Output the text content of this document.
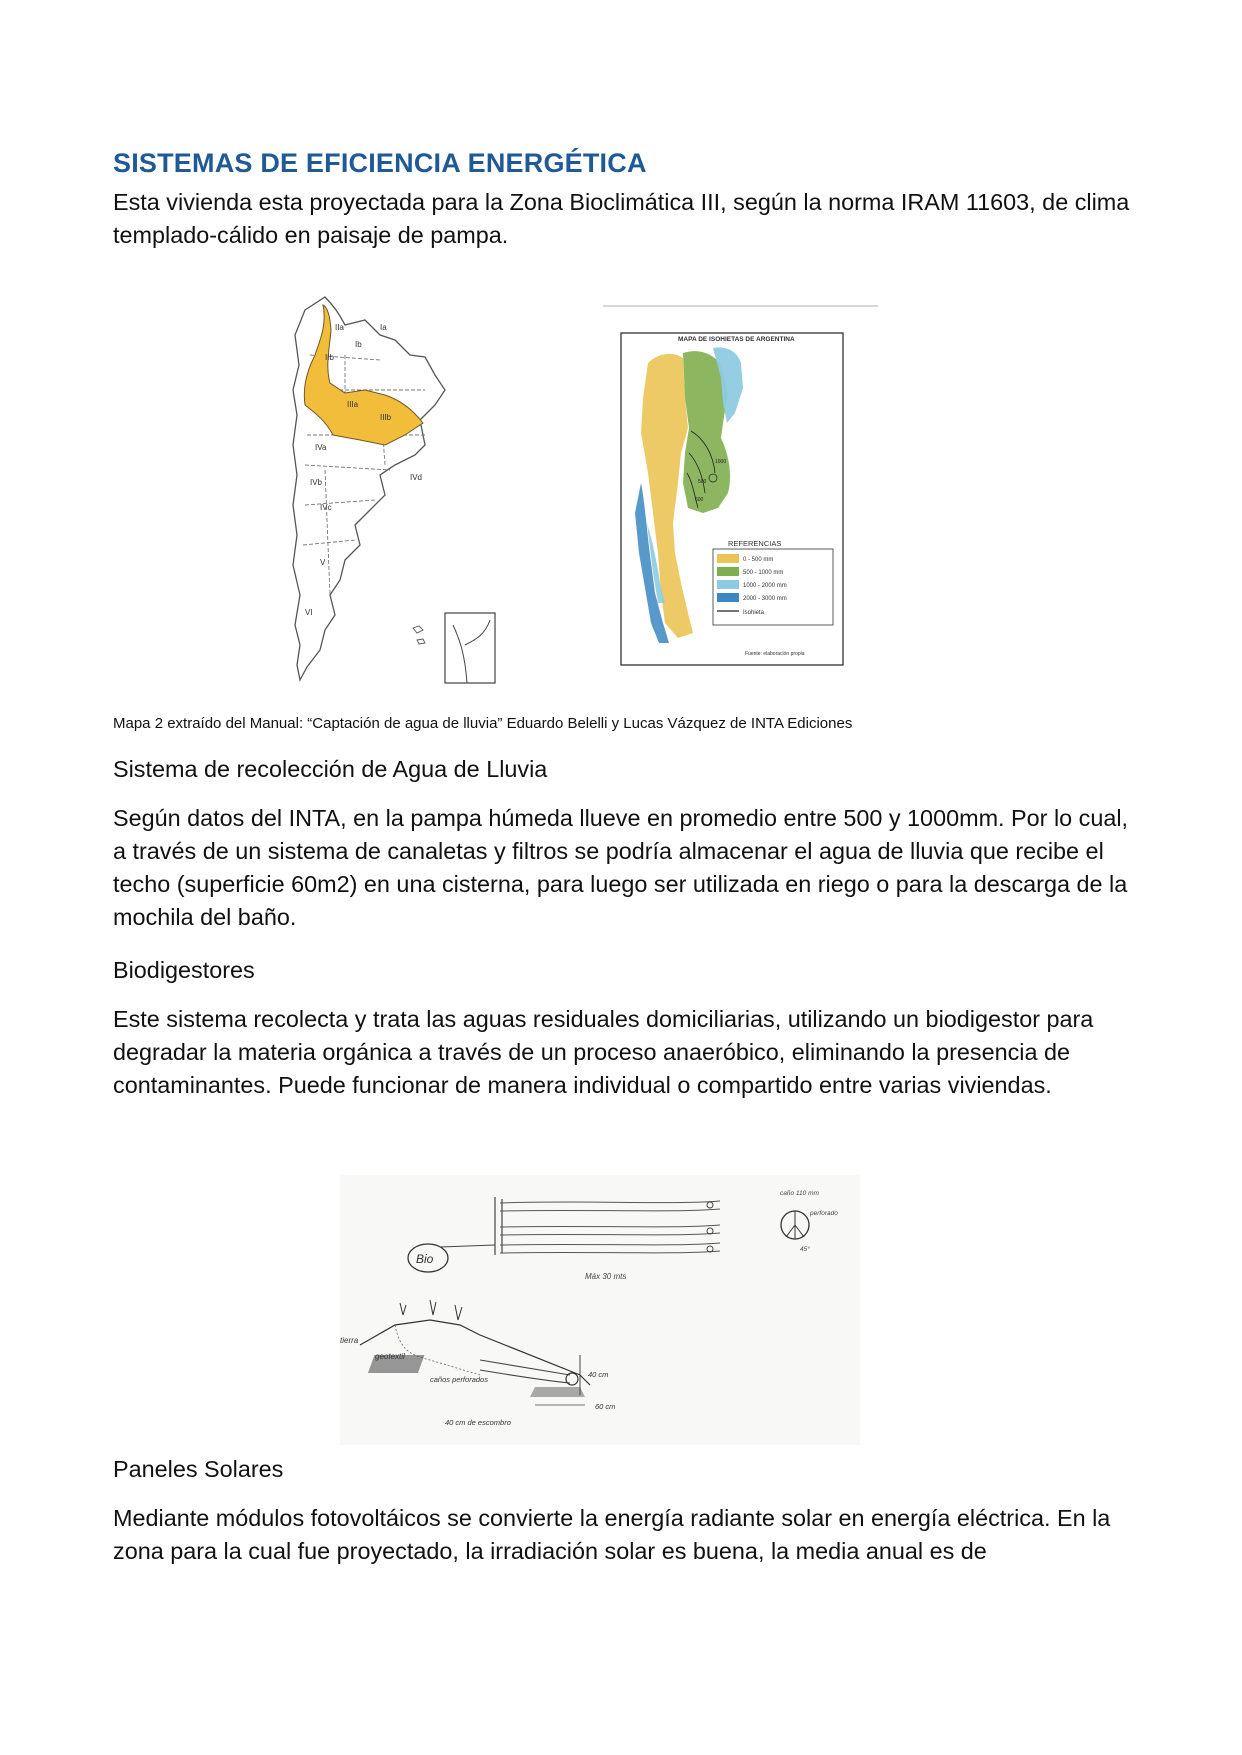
SISTEMAS DE EFICIENCIA ENERGÉTICA

Esta vivienda esta proyectada para la Zona Bioclimática III, según la norma IRAM 11603, de clima templado-cálido en paisaje de pampa.

Ia
Ib
IIa
IIb
IIIa
IIIb
IVa
IVb
IVc
IVd
V
VI
MAPA DE ISOHIETAS DE ARGENTINA
1000
500
600
REFERENCIAS
0 - 500 mm
500 - 1000 mm
1000 - 2000 mm
2000 - 3000 mm
Isohieta
Fuente: elaboración propia

Mapa 2 extraído del Manual: “Captación de agua de lluvia” Eduardo Belelli y Lucas Vázquez de INTA Ediciones

Sistema de recolección de Agua de Lluvia

Según datos del INTA, en la pampa húmeda llueve en promedio entre 500 y 1000mm. Por lo cual, a través de un sistema de canaletas y filtros se podría almacenar el agua de lluvia que recibe el techo (superficie 60m2) en una cisterna, para luego ser utilizada en riego o para la descarga de la mochila del baño.

Biodigestores

Este sistema recolecta y trata las aguas residuales domiciliarias, utilizando un biodigestor para degradar la materia orgánica a través de un proceso anaeróbico, eliminando la presencia de contaminantes. Puede funcionar de manera individual o compartido entre varias viviendas.

Bio
Máx 30 mts
caño 110 mm
perforado
45°
tierra
geotextil
caños perforados
40 cm de escombro
40 cm
60 cm
Paneles Solares

Mediante módulos fotovoltáicos se convierte la energía radiante solar en energía eléctrica. En la zona para la cual fue proyectado, la irradiación solar es buena, la media anual es de
